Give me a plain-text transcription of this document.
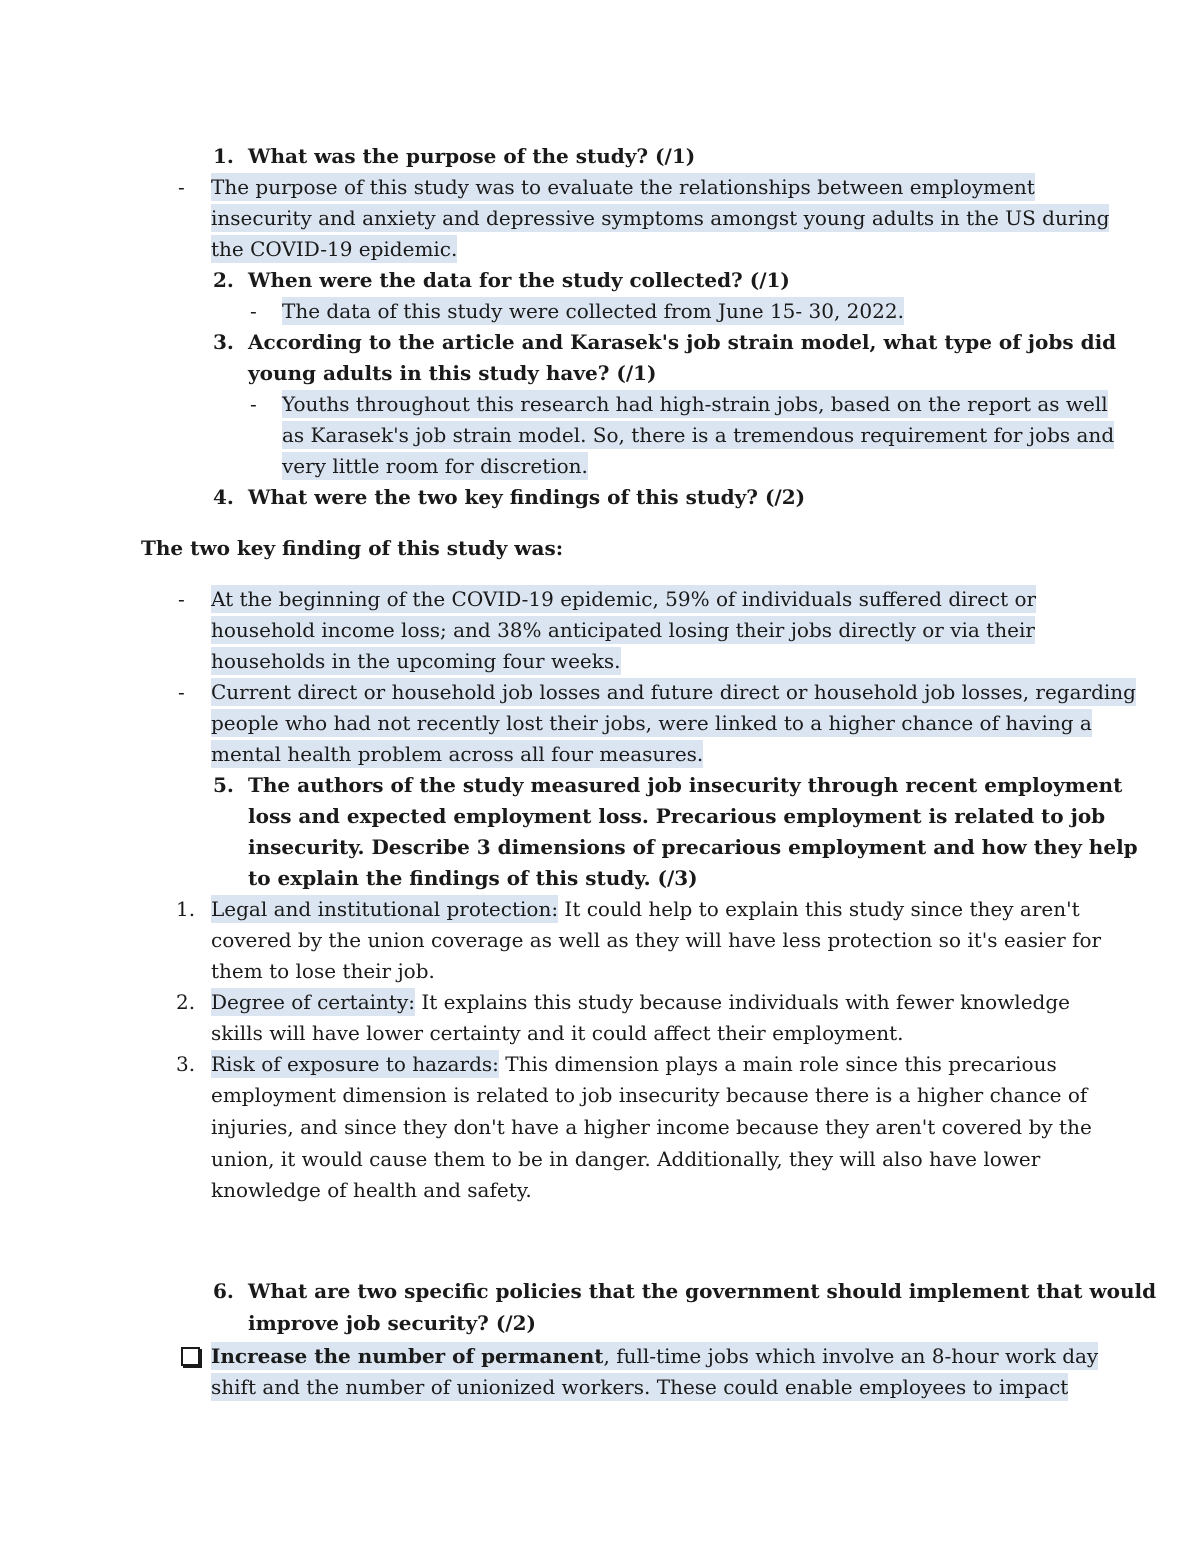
1. What was the purpose of the study? (/1)
- The purpose of this study was to evaluate the relationships between employment
insecurity and anxiety and depressive symptoms amongst young adults in the US during
the COVID-19 epidemic.
2. When were the data for the study collected? (/1)
- The data of this study were collected from June 15- 30, 2022.
3. According to the article and Karasek's job strain model, what type of jobs did
young adults in this study have? (/1)
- Youths throughout this research had high-strain jobs, based on the report as well
as Karasek's job strain model. So, there is a tremendous requirement for jobs and
very little room for discretion.
4. What were the two key findings of this study? (/2)
The two key finding of this study was:
- At the beginning of the COVID-19 epidemic, 59% of individuals suffered direct or
household income loss; and 38% anticipated losing their jobs directly or via their
households in the upcoming four weeks.
- Current direct or household job losses and future direct or household job losses, regarding
people who had not recently lost their jobs, were linked to a higher chance of having a
mental health problem across all four measures.
5. The authors of the study measured job insecurity through recent employment
loss and expected employment loss. Precarious employment is related to job
insecurity. Describe 3 dimensions of precarious employment and how they help
to explain the findings of this study. (/3)
1. Legal and institutional protection: It could help to explain this study since they aren't
covered by the union coverage as well as they will have less protection so it's easier for
them to lose their job.
2. Degree of certainty: It explains this study because individuals with fewer knowledge
skills will have lower certainty and it could affect their employment.
3. Risk of exposure to hazards: This dimension plays a main role since this precarious
employment dimension is related to job insecurity because there is a higher chance of
injuries, and since they don't have a higher income because they aren't covered by the
union, it would cause them to be in danger. Additionally, they will also have lower
knowledge of health and safety.
6. What are two specific policies that the government should implement that would
improve job security? (/2)
Increase the number of permanent, full-time jobs which involve an 8-hour work day
shift and the number of unionized workers. These could enable employees to impact
